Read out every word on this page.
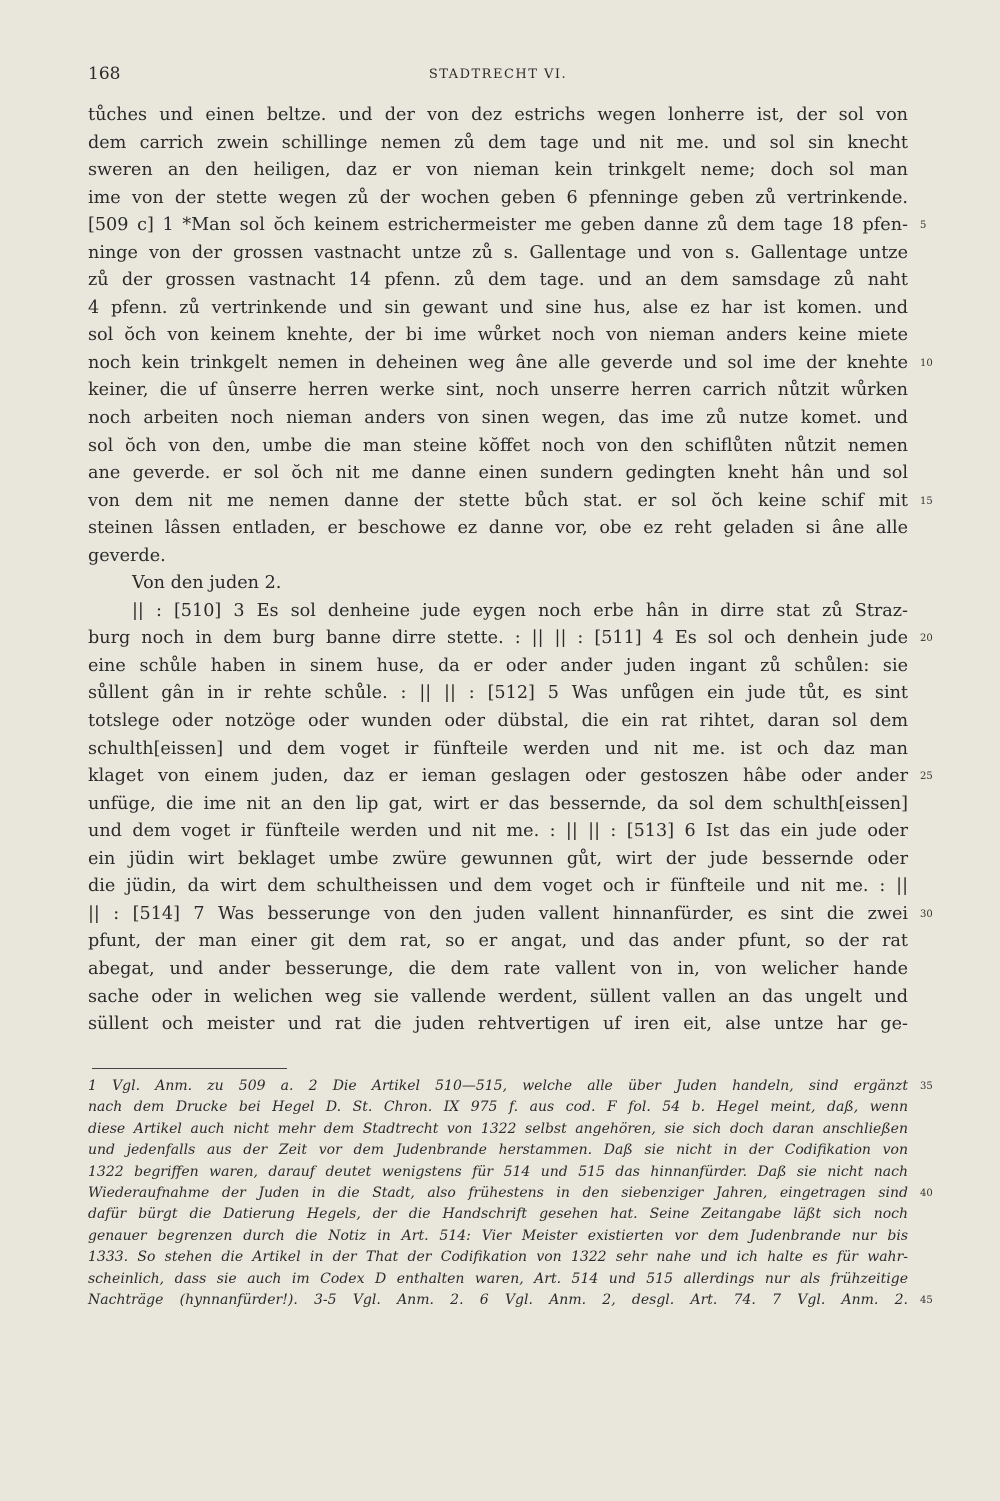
168	STADTRECHT VI.
tůches und einen beltze. und der von dez estrichs wegen lonherre ist, der sol von
dem carrich zwein schillinge nemen zů dem tage und nit me. und sol sin knecht
sweren an den heiligen, daz er von nieman kein trinkgelt neme; doch sol man
ime von der stette wegen zů der wochen geben 6 pfenninge geben zů vertrinkende.
[509 c] 1 *Man sol ŏch keinem estrichermeister me geben danne zů dem tage 18 pfen- 5
ninge von der grossen vastnacht untze zů s. Gallentage und von s. Gallentage untze
zů der grossen vastnacht 14 pfenn. zů dem tage. und an dem samsdage zů naht
4 pfenn. zů vertrinkende und sin gewant und sine hus, alse ez har ist komen. und
sol ŏch von keinem knehte, der bi ime wůrket noch von nieman anders keine miete
noch kein trinkgelt nemen in deheinen weg âne alle geverde und sol ime der knehte 10
keiner, die uf ûnserre herren werke sint, noch unserre herren carrich nůtzit wůrken
noch arbeiten noch nieman anders von sinen wegen, das ime zů nutze komet. und
sol ŏch von den, umbe die man steine kŏffet noch von den schiflůten nůtzit nemen
ane geverde. er sol ŏch nit me danne einen sundern gedingten kneht hân und sol
von dem nit me nemen danne der stette bůch stat. er sol ŏch keine schif mit 15
steinen lâssen entladen, er beschowe ez danne vor, obe ez reht geladen si âne alle
geverde.
Von den juden 2.
|| : [510] 3 Es sol denheine jude eygen noch erbe hân in dirre stat zů Straz-
burg noch in dem burg banne dirre stette. : || || : [511] 4 Es sol och denhein jude 20
eine schůle haben in sinem huse, da er oder ander juden ingant zů schůlen: sie
sůllent gân in ir rehte schůle. : || || : [512] 5 Was unfůgen ein jude tůt, es sint
totslege oder notzöge oder wunden oder dübstal, die ein rat rihtet, daran sol dem
schulth[eissen] und dem voget ir fünfteile werden und nit me. ist och daz man
klaget von einem juden, daz er ieman geslagen oder gestoszen hâbe oder ander 25
unfüge, die ime nit an den lip gat, wirt er das bessernde, da sol dem schulth[eissen]
und dem voget ir fünfteile werden und nit me. : || || : [513] 6 Ist das ein jude oder
ein jüdin wirt beklaget umbe zwüre gewunnen gůt, wirt der jude bessernde oder
die jüdin, da wirt dem schultheissen und dem voget och ir fünfteile und nit me. : ||
|| : [514] 7 Was besserunge von den juden vallent hinnanfürder, es sint die zwei 30
pfunt, der man einer git dem rat, so er angat, und das ander pfunt, so der rat
abegat, und ander besserunge, die dem rate vallent von in, von welicher hande
sache oder in welichen weg sie vallende werdent, süllent vallen an das ungelt und
süllent och meister und rat die juden rehtvertigen uf iren eit, alse untze har ge-
1 Vgl. Anm. zu 509 a. 2 Die Artikel 510—515, welche alle über Juden handeln, sind ergänzt 35
nach dem Drucke bei Hegel D. St. Chron. IX 975 f. aus cod. F fol. 54 b. Hegel meint, daß, wenn
diese Artikel auch nicht mehr dem Stadtrecht von 1322 selbst angehören, sie sich doch daran anschließen
und jedenfalls aus der Zeit vor dem Judenbrande herstammen. Daß sie nicht in der Codifikation von
1322 begriffen waren, darauf deutet wenigstens für 514 und 515 das hinnanfürder. Daß sie nicht nach
Wiederaufnahme der Juden in die Stadt, also frühestens in den siebenziger Jahren, eingetragen sind 40
dafür bürgt die Datierung Hegels, der die Handschrift gesehen hat. Seine Zeitangabe läßt sich noch
genauer begrenzen durch die Notiz in Art. 514: Vier Meister existierten vor dem Judenbrande nur bis
1333. So stehen die Artikel in der That der Codifikation von 1322 sehr nahe und ich halte es für wahr-
scheinlich, dass sie auch im Codex D enthalten waren, Art. 514 und 515 allerdings nur als frühzeitige
Nachträge (hynnanfürder!). 3-5 Vgl. Anm. 2. 6 Vgl. Anm. 2, desgl. Art. 74. 7 Vgl. Anm. 2. 45
